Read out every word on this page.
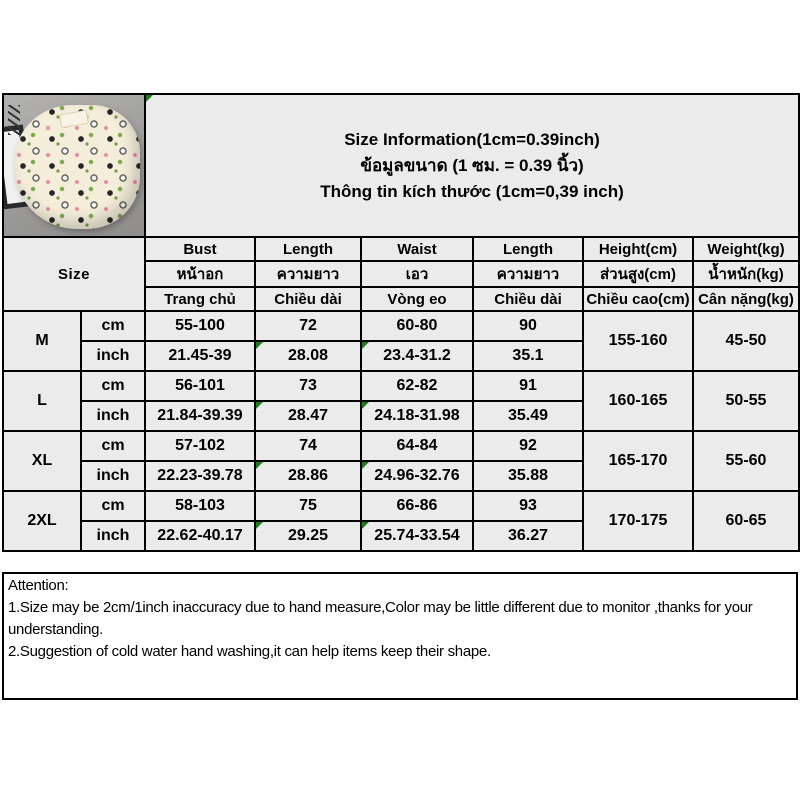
		Size Information(1cm=0.39inch)
ข้อมูลขนาด (1 ซม. = 0.39 นิ้ว)
Thông tin kích thước (1cm=0,39 inch)					

Size		Bust	Length	Waist	Length	Height(cm)	Weight(kg)
		หน้าอก	ความยาว	เอว	ความยาว	ส่วนสูง(cm)	น้ำหนัก(kg)
		Trang chủ	Chiều dài	Vòng eo	Chiều dài	Chiều cao(cm)	Cân nặng(kg)
M	cm	55-100	72	60-80	90	155-160	45-50
	inch	21.45-39	28.08	23.4-31.2	35.1		
L	cm	56-101	73	62-82	91	160-165	50-55
	inch	21.84-39.39	28.47	24.18-31.98	35.49		
XL	cm	57-102	74	64-84	92	165-170	55-60
	inch	22.23-39.78	28.86	24.96-32.76	35.88		
2XL	cm	58-103	75	66-86	93	170-175	60-65
	inch	22.62-40.17	29.25	25.74-33.54	36.27		
Attention:
1.Size may be 2cm/1inch inaccuracy due to hand measure,Color may be little different due to monitor ,thanks for your understanding.
2.Suggestion of cold water hand washing,it can help items keep their shape.
